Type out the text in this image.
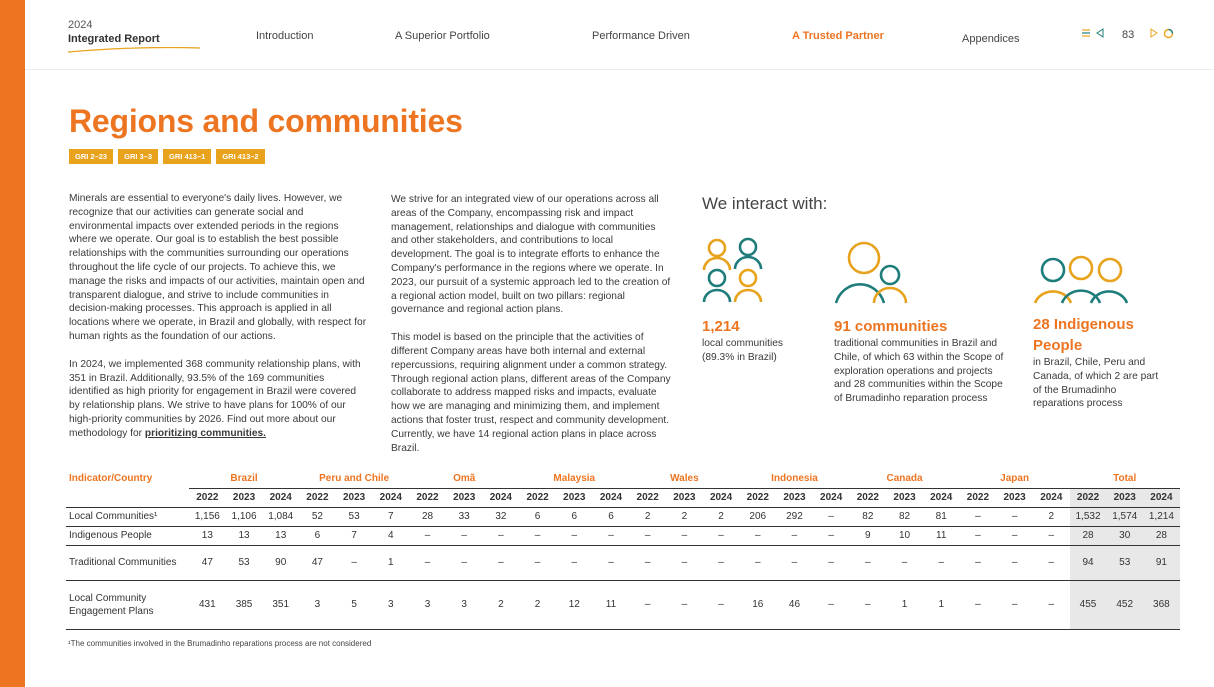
2024
Integrated Report	Introduction	A Superior Portfolio	Performance Driven	A Trusted Partner	Appendices	83
Regions and communities
GRI 2–23	GRI 3–3	GRI 413–1	GRI 413–2

Minerals are essential to everyone's daily lives. However, we recognize that our activities can generate social and environmental impacts over extended periods in the regions where we operate. Our goal is to establish the best possible relationships with the communities surrounding our operations throughout the life cycle of our projects. To achieve this, we manage the risks and impacts of our activities, maintain open and transparent dialogue, and strive to include communities in decision-making processes. This approach is applied in all locations where we operate, in Brazil and globally, with respect for human rights as the foundation of our actions.

In 2024, we implemented 368 community relationship plans, with 351 in Brazil. Additionally, 93.5% of the 169 communities identified as high priority for engagement in Brazil were covered by relationship plans. We strive to have plans for 100% of our high-priority communities by 2026. Find out more about our methodology for prioritizing communities.

We strive for an integrated view of our operations across all areas of the Company, encompassing risk and impact management, relationships and dialogue with communities and other stakeholders, and contributions to local development. The goal is to integrate efforts to enhance the Company's performance in the regions where we operate. In 2023, our pursuit of a systemic approach led to the creation of a regional action model, built on two pillars: regional governance and regional action plans.

This model is based on the principle that the activities of different Company areas have both internal and external repercussions, requiring alignment under a common strategy. Through regional action plans, different areas of the Company collaborate to address mapped risks and impacts, evaluate how we are managing and minimizing them, and implement actions that foster trust, respect and community development. Currently, we have 14 regional action plans in place across Brazil.

We interact with:
1,214
local communities (89.3% in Brazil)
91 communities
traditional communities in Brazil and Chile, of which 63 within the Scope of exploration operations and projects and 28 communities within the Scope of Brumadinho reparation process
28 Indigenous People
in Brazil, Chile, Peru and Canada, of which 2 are part of the Brumadinho reparations process
Indicator/Country	Brazil			Peru and Chile			Omã			Malaysia			Wales			Indonesia			Canada			Japan			Total		
	2022	2023	2024	2022	2023	2024	2022	2023	2024	2022	2023	2024	2022	2023	2024	2022	2023	2024	2022	2023	2024	2022	2023	2024	2022	2023	2024
Local Communities¹	1,156	1,106	1,084	52	53	7	28	33	32	6	6	6	2	2	2	206	292	–	82	82	81	–	–	2	1,532	1,574	1,214
Indigenous People	13	13	13	6	7	4	–	–	–	–	–	–	–	–	–	–	–	–	9	10	11	–	–	–	28	30	28
Traditional Communities	47	53	90	47	–	1	–	–	–	–	–	–	–	–	–	–	–	–	–	–	–	–	–	–	94	53	91
Local Community Engagement Plans	431	385	351	3	5	3	3	3	2	2	12	11	–	–	–	16	46	–	–	1	1	–	–	–	455	452	368
¹The communities involved in the Brumadinho reparations process are not considered
